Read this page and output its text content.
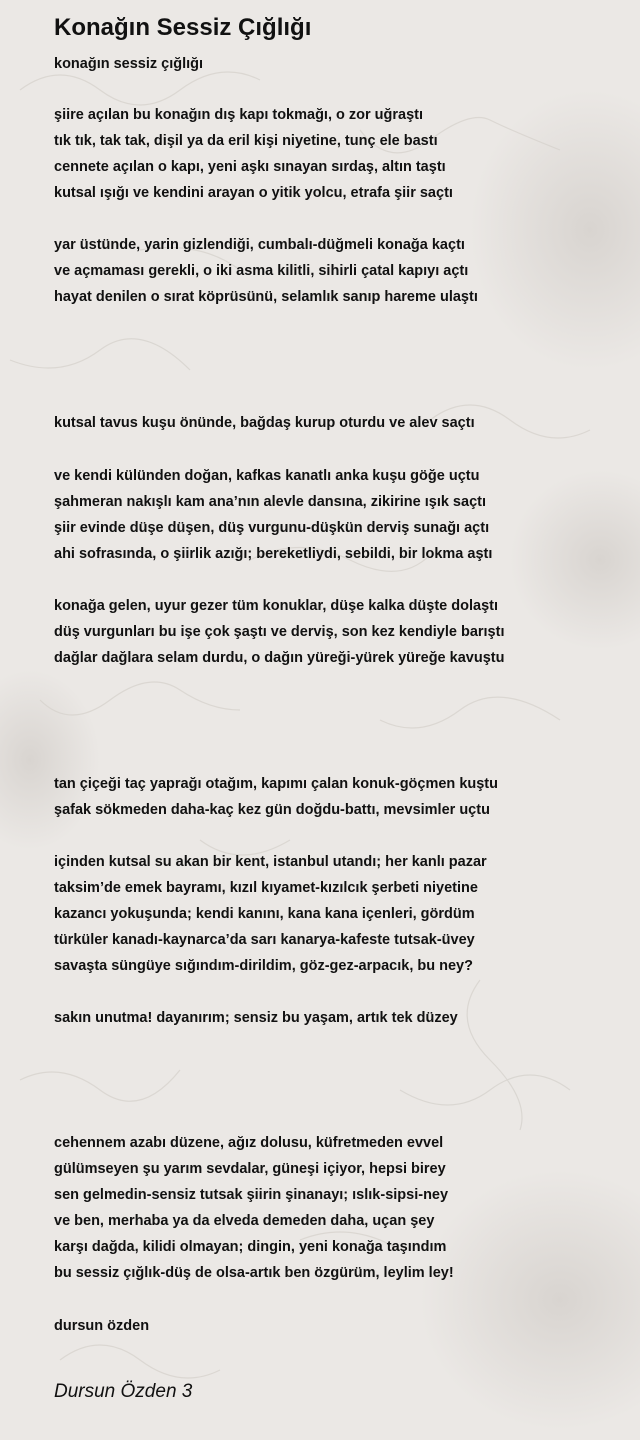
Konağın Sessiz Çığlığı
konağın sessiz çığlığı
şiire açılan bu konağın dış kapı tokmağı, o zor uğraştı
tık tık, tak tak, dişil ya da eril kişi niyetine, tunç ele bastı
cennete açılan o kapı, yeni aşkı sınayan sırdaş, altın taştı
kutsal ışığı ve kendini arayan o yitik yolcu, etrafa şiir saçtı
yar üstünde, yarin gizlendiği, cumbalı-düğmeli konağa kaçtı
ve açmaması gerekli, o iki asma kilitli, sihirli çatal kapıyı açtı
hayat denilen o sırat köprüsünü, selamlık sanıp hareme ulaştı
kutsal tavus kuşu önünde, bağdaş kurup oturdu ve alev saçtı
ve kendi külünden doğan, kafkas kanatlı anka kuşu göğe uçtu
şahmeran nakışlı kam ana’nın alevle dansına, zikirine ışık saçtı
şiir evinde düşe düşen, düş vurgunu-düşkün derviş sunağı açtı
ahi sofrasında, o şiirlik azığı; bereketliydi, sebildi, bir lokma aştı
konağa gelen, uyur gezer tüm konuklar, düşe kalka düşte dolaştı
düş vurgunları bu işe çok şaştı ve derviş, son kez kendiyle barıştı
dağlar dağlara selam durdu, o dağın yüreği-yürek yüreğe kavuştu
tan çiçeği taç yaprağı otağım, kapımı çalan konuk-göçmen kuştu
şafak sökmeden daha-kaç kez gün doğdu-battı, mevsimler uçtu
içinden kutsal su akan bir kent, istanbul utandı; her kanlı pazar
taksim’de emek bayramı, kızıl kıyamet-kızılcık şerbeti niyetine
kazancı yokuşunda; kendi kanını, kana kana içenleri, gördüm
türküler kanadı-kaynarca’da sarı kanarya-kafeste tutsak-üvey
savaşta süngüye sığındım-dirildim, göz-gez-arpacık, bu ney?
sakın unutma! dayanırım; sensiz bu yaşam, artık tek düzey
cehennem azabı düzene, ağız dolusu, küfretmeden evvel
gülümseyen şu yarım sevdalar, güneşi içiyor, hepsi birey
sen gelmedin-sensiz tutsak şiirin şinanayı; ıslık-sipsi-ney
ve ben, merhaba ya da elveda demeden daha, uçan şey
karşı dağda, kilidi olmayan; dingin, yeni konağa taşındım
bu sessiz çığlık-düş de olsa-artık ben özgürüm, leylim ley!
dursun özden
Dursun Özden 3
